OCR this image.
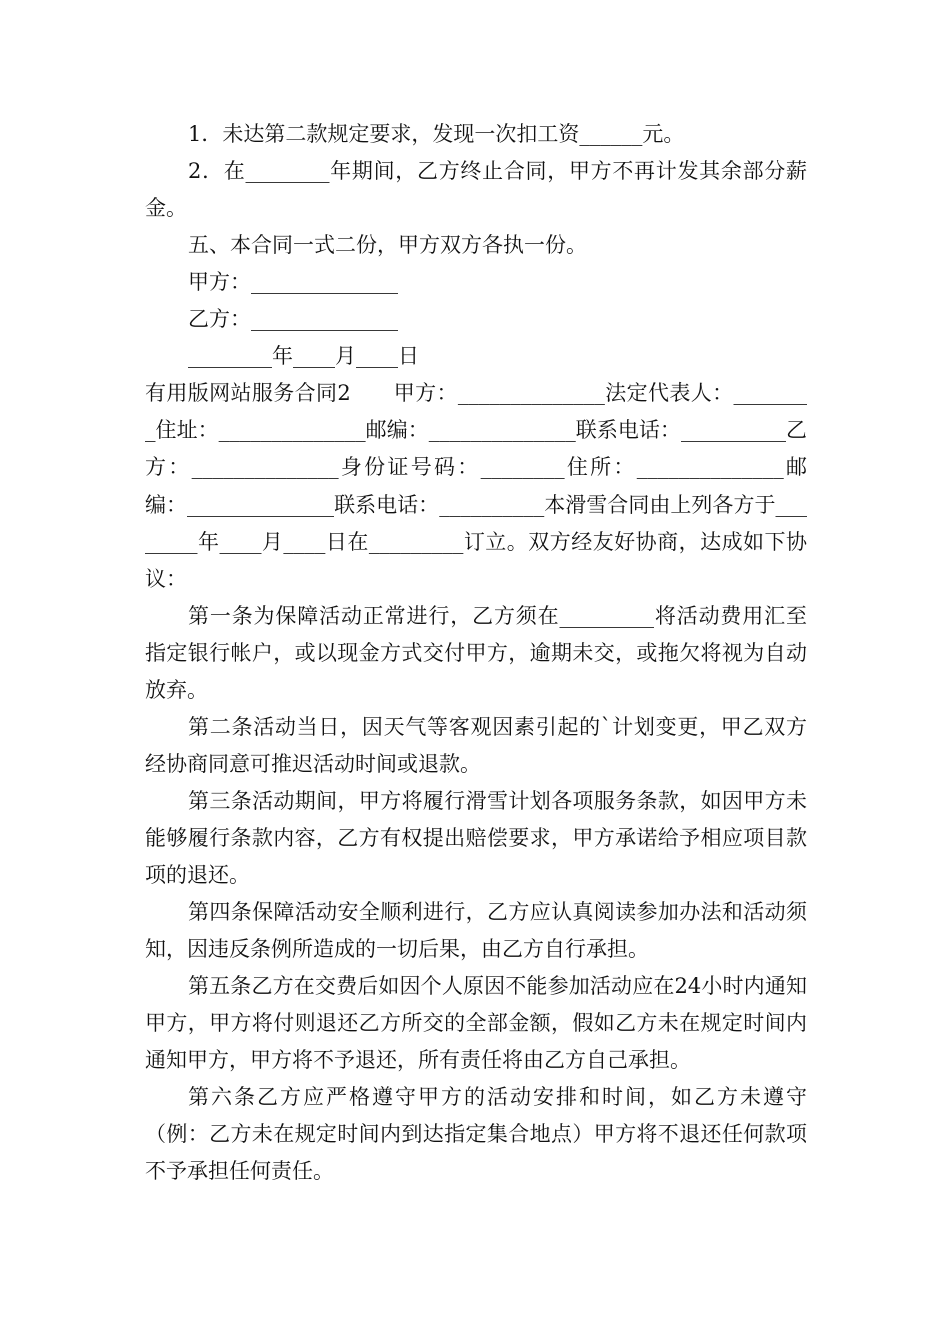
1．未达第二款规定要求，发现一次扣工资______元。

2．在________年期间，乙方终止合同，甲方不再计发其余部分薪金。

五、本合同一式二份，甲方双方各执一份。

甲方：______________

乙方：______________

________年____月____日

有用版网站服务合同2　　甲方：______________法定代表人：________住址：______________邮编：______________联系电话：__________乙方：______________身份证号码：________住所：______________邮编：______________联系电话：__________本滑雪合同由上列各方于________年____月____日在_________订立。双方经友好协商，达成如下协议：

第一条为保障活动正常进行，乙方须在_________将活动费用汇至指定银行帐户，或以现金方式交付甲方，逾期未交，或拖欠将视为自动放弃。

第二条活动当日，因天气等客观因素引起的`计划变更，甲乙双方经协商同意可推迟活动时间或退款。

第三条活动期间，甲方将履行滑雪计划各项服务条款，如因甲方未能够履行条款内容，乙方有权提出赔偿要求，甲方承诺给予相应项目款项的退还。

第四条保障活动安全顺利进行，乙方应认真阅读参加办法和活动须知，因违反条例所造成的一切后果，由乙方自行承担。

第五条乙方在交费后如因个人原因不能参加活动应在24小时内通知甲方，甲方将付则退还乙方所交的全部金额，假如乙方未在规定时间内通知甲方，甲方将不予退还，所有责任将由乙方自己承担。

第六条乙方应严格遵守甲方的活动安排和时间，如乙方未遵守（例：乙方未在规定时间内到达指定集合地点）甲方将不退还任何款项不予承担任何责任。
